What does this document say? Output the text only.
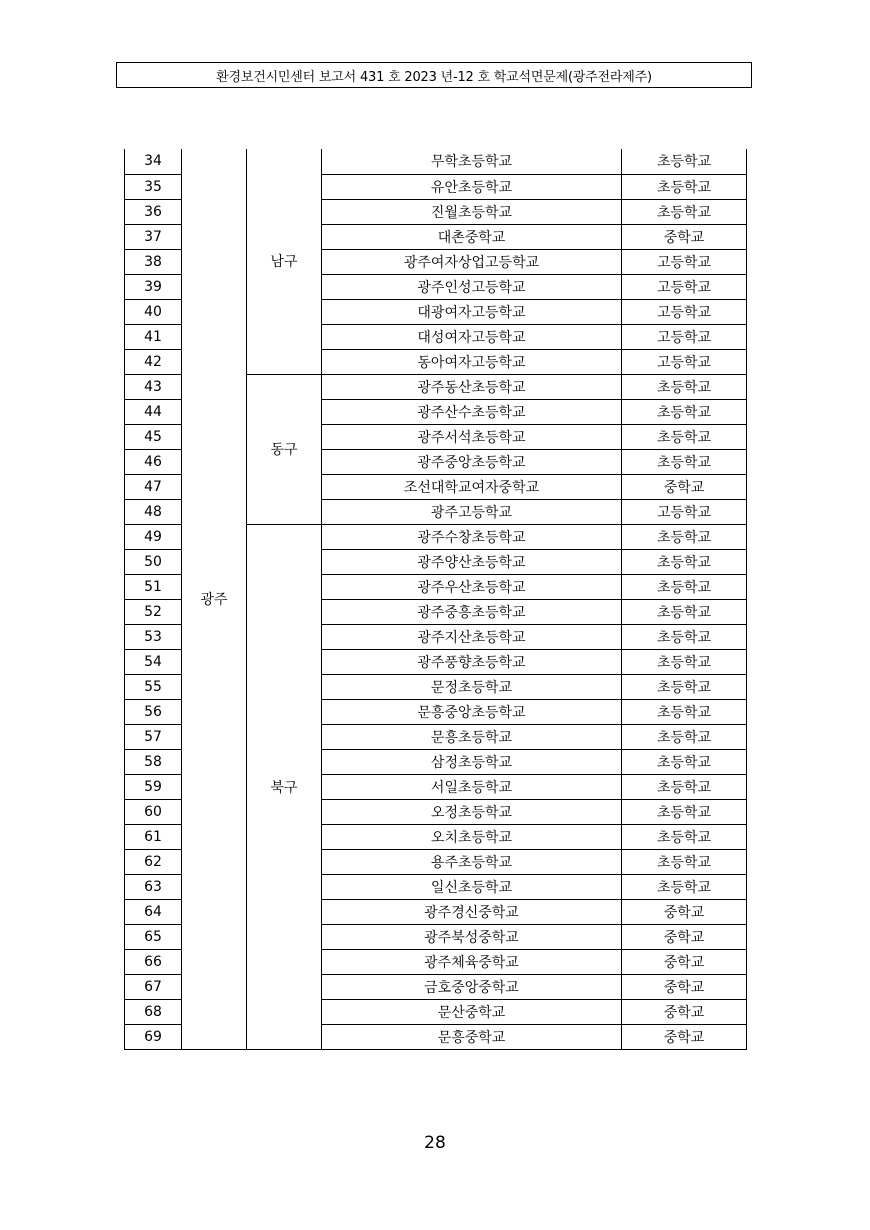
환경보건시민센터 보고서 431 호 2023 년-12 호 학교석면문제(광주전라제주)
34	광주	남구	무학초등학교	초등학교
35			유안초등학교	초등학교
36			진월초등학교	초등학교
37			대촌중학교	중학교
38			광주여자상업고등학교	고등학교
39			광주인성고등학교	고등학교
40			대광여자고등학교	고등학교
41			대성여자고등학교	고등학교
42			동아여자고등학교	고등학교
43		동구	광주동산초등학교	초등학교
44			광주산수초등학교	초등학교
45			광주서석초등학교	초등학교
46			광주중앙초등학교	초등학교
47			조선대학교여자중학교	중학교
48			광주고등학교	고등학교
49		북구	광주수창초등학교	초등학교
50			광주양산초등학교	초등학교
51			광주우산초등학교	초등학교
52			광주중흥초등학교	초등학교
53			광주지산초등학교	초등학교
54			광주풍향초등학교	초등학교
55			문정초등학교	초등학교
56			문흥중앙초등학교	초등학교
57			문흥초등학교	초등학교
58			삼정초등학교	초등학교
59			서일초등학교	초등학교
60			오정초등학교	초등학교
61			오치초등학교	초등학교
62			용주초등학교	초등학교
63			일신초등학교	초등학교
64			광주경신중학교	중학교
65			광주북성중학교	중학교
66			광주체육중학교	중학교
67			금호중앙중학교	중학교
68			문산중학교	중학교
69			문흥중학교	중학교
28
